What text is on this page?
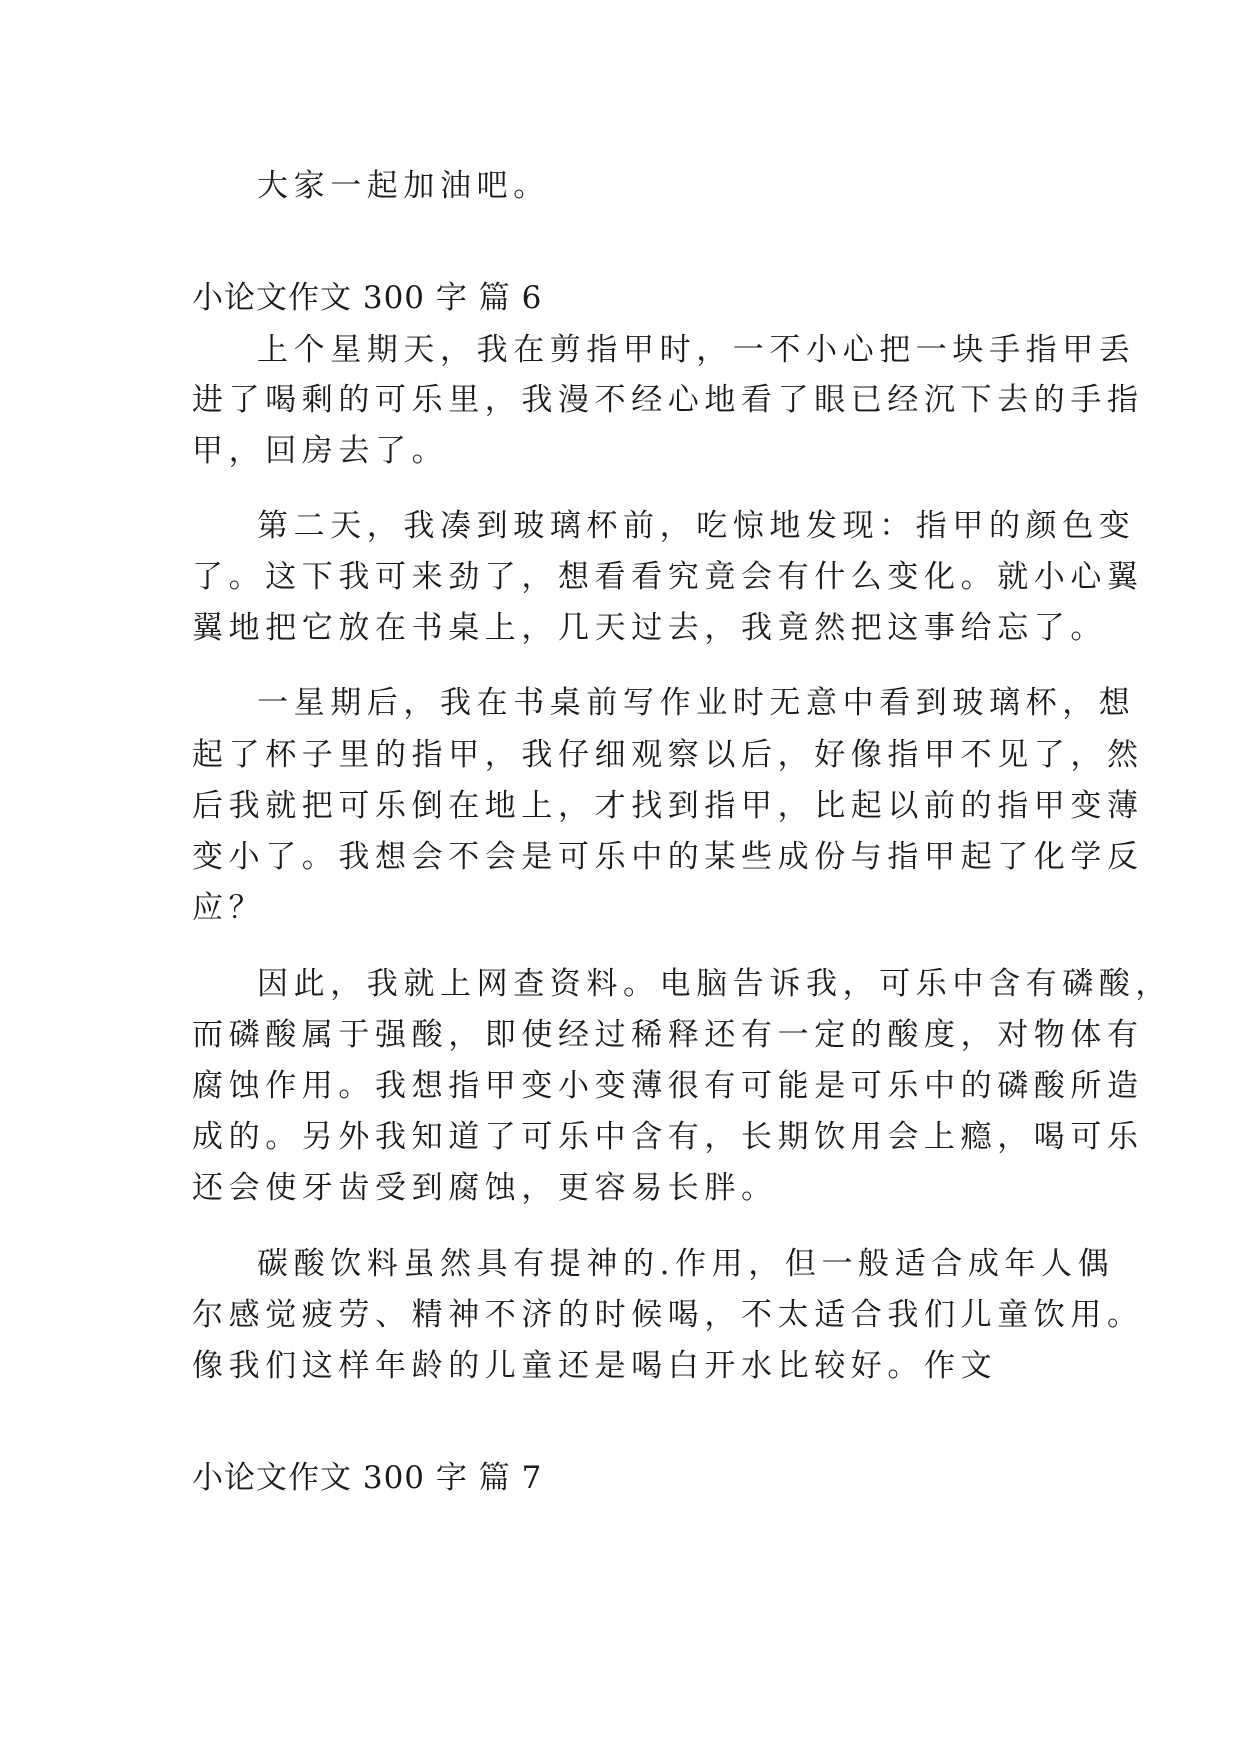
大家一起加油吧。
小论文作文 300 字 篇 6
上个星期天，我在剪指甲时，一不小心把一块手指甲丢
进了喝剩的可乐里，我漫不经心地看了眼已经沉下去的手指
甲，回房去了。
第二天，我凑到玻璃杯前，吃惊地发现：指甲的颜色变
了。这下我可来劲了，想看看究竟会有什么变化。就小心翼
翼地把它放在书桌上，几天过去，我竟然把这事给忘了。
一星期后，我在书桌前写作业时无意中看到玻璃杯，想
起了杯子里的指甲，我仔细观察以后，好像指甲不见了，然
后我就把可乐倒在地上，才找到指甲，比起以前的指甲变薄
变小了。我想会不会是可乐中的某些成份与指甲起了化学反
应？
因此，我就上网查资料。电脑告诉我，可乐中含有磷酸，
而磷酸属于强酸，即使经过稀释还有一定的酸度，对物体有
腐蚀作用。我想指甲变小变薄很有可能是可乐中的磷酸所造
成的。另外我知道了可乐中含有，长期饮用会上瘾，喝可乐
还会使牙齿受到腐蚀，更容易长胖。
碳酸饮料虽然具有提神的.作用，但一般适合成年人偶
尔感觉疲劳、精神不济的时候喝，不太适合我们儿童饮用。
像我们这样年龄的儿童还是喝白开水比较好。作文
小论文作文 300 字 篇 7
